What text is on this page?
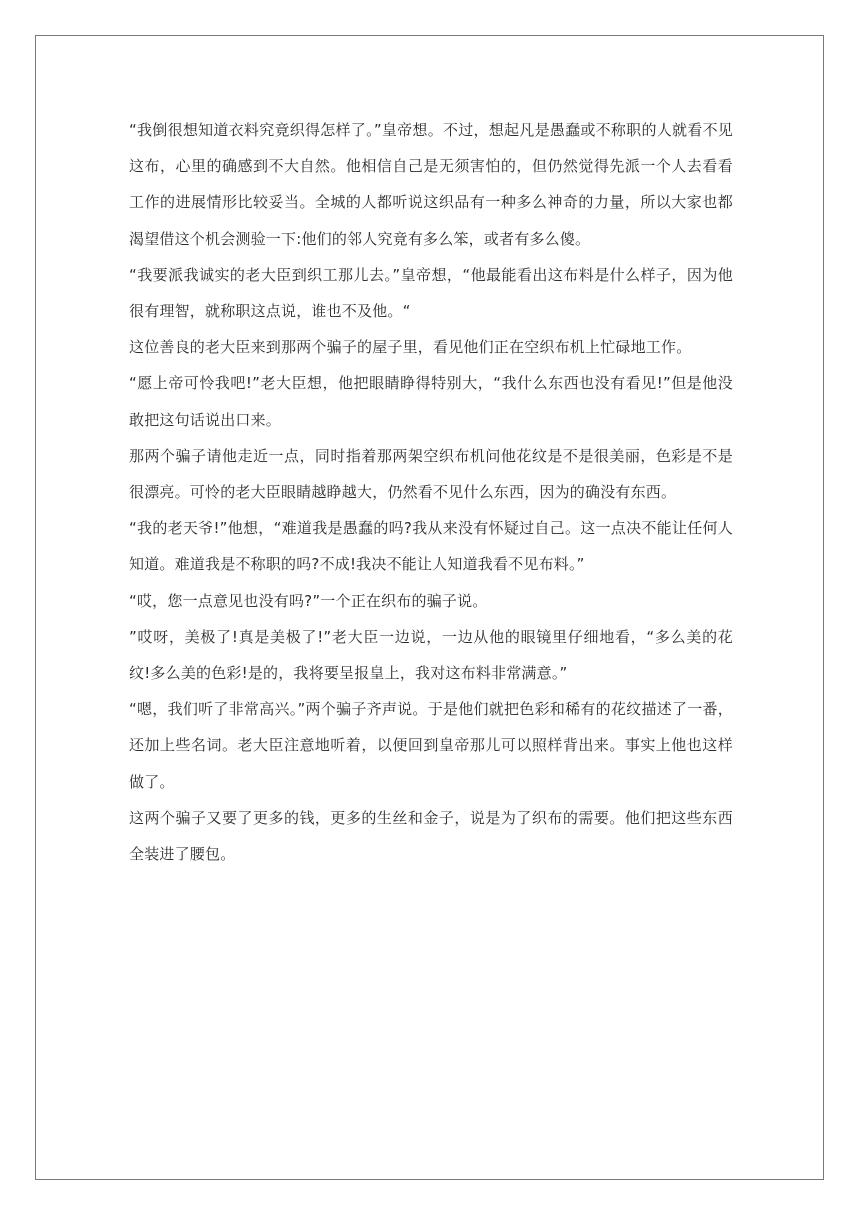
“我倒很想知道衣料究竟织得怎样了。”皇帝想。不过，想起凡是愚蠢或不称职的人就看不见这布，心里的确感到不大自然。他相信自己是无须害怕的，但仍然觉得先派一个人去看看工作的进展情形比较妥当。全城的人都听说这织品有一种多么神奇的力量，所以大家也都渴望借这个机会测验一下:他们的邻人究竟有多么笨，或者有多么傻。

“我要派我诚实的老大臣到织工那儿去。”皇帝想，“他最能看出这布料是什么样子，因为他很有理智，就称职这点说，谁也不及他。“

这位善良的老大臣来到那两个骗子的屋子里，看见他们正在空织布机上忙碌地工作。

“愿上帝可怜我吧!”老大臣想，他把眼睛睁得特别大，“我什么东西也没有看见!”但是他没敢把这句话说出口来。

那两个骗子请他走近一点，同时指着那两架空织布机问他花纹是不是很美丽，色彩是不是很漂亮。可怜的老大臣眼睛越睁越大，仍然看不见什么东西，因为的确没有东西。

“我的老天爷!”他想，“难道我是愚蠢的吗?我从来没有怀疑过自己。这一点决不能让任何人知道。难道我是不称职的吗?不成!我决不能让人知道我看不见布料。”

“哎，您一点意见也没有吗?”一个正在织布的骗子说。

”哎呀，美极了!真是美极了!”老大臣一边说，一边从他的眼镜里仔细地看，“多么美的花纹!多么美的色彩!是的，我将要呈报皇上，我对这布料非常满意。”

“嗯，我们听了非常高兴。”两个骗子齐声说。于是他们就把色彩和稀有的花纹描述了一番，还加上些名词。老大臣注意地听着，以便回到皇帝那儿可以照样背出来。事实上他也这样做了。

这两个骗子又要了更多的钱，更多的生丝和金子，说是为了织布的需要。他们把这些东西全装进了腰包。
